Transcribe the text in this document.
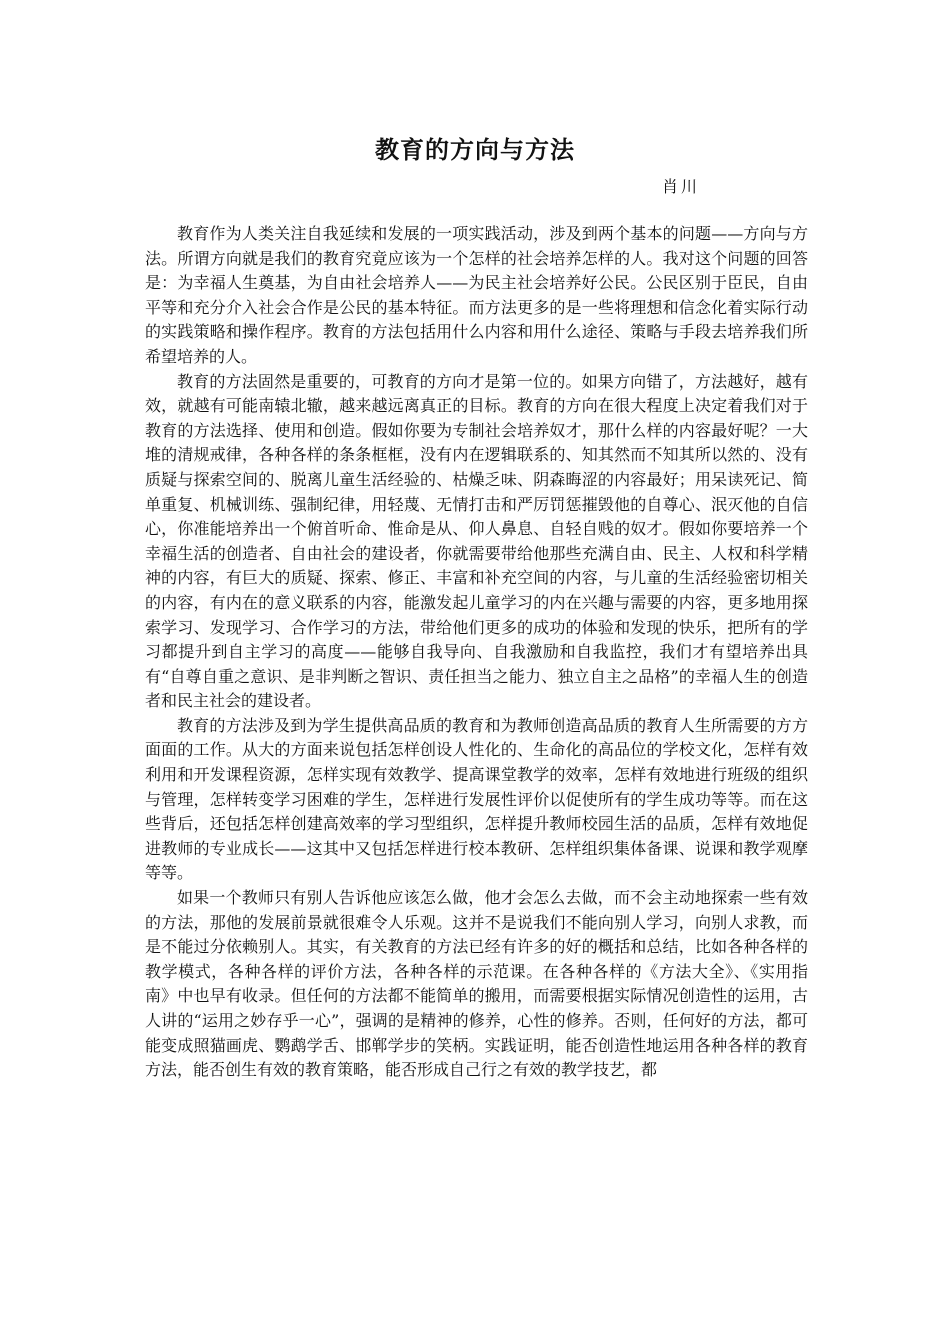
教育的方向与方法
肖川

教育作为人类关注自我延续和发展的一项实践活动，涉及到两个基本的问题——方向与方法。所谓方向就是我们的教育究竟应该为一个怎样的社会培养怎样的人。我对这个问题的回答是：为幸福人生奠基，为自由社会培养人——为民主社会培养好公民。公民区别于臣民，自由平等和充分介入社会合作是公民的基本特征。而方法更多的是一些将理想和信念化着实际行动的实践策略和操作程序。教育的方法包括用什么内容和用什么途径、策略与手段去培养我们所希望培养的人。

教育的方法固然是重要的，可教育的方向才是第一位的。如果方向错了，方法越好，越有效，就越有可能南辕北辙，越来越远离真正的目标。教育的方向在很大程度上决定着我们对于教育的方法选择、使用和创造。假如你要为专制社会培养奴才，那什么样的内容最好呢？一大堆的清规戒律，各种各样的条条框框，没有内在逻辑联系的、知其然而不知其所以然的、没有质疑与探索空间的、脱离儿童生活经验的、枯燥乏味、阴森晦涩的内容最好；用呆读死记、简单重复、机械训练、强制纪律，用轻蔑、无情打击和严厉罚惩摧毁他的自尊心、泯灭他的自信心，你准能培养出一个俯首听命、惟命是从、仰人鼻息、自轻自贱的奴才。假如你要培养一个幸福生活的创造者、自由社会的建设者，你就需要带给他那些充满自由、民主、人权和科学精神的内容，有巨大的质疑、探索、修正、丰富和补充空间的内容，与儿童的生活经验密切相关的内容，有内在的意义联系的内容，能激发起儿童学习的内在兴趣与需要的内容，更多地用探索学习、发现学习、合作学习的方法，带给他们更多的成功的体验和发现的快乐，把所有的学习都提升到自主学习的高度——能够自我导向、自我激励和自我监控，我们才有望培养出具有“自尊自重之意识、是非判断之智识、责任担当之能力、独立自主之品格”的幸福人生的创造者和民主社会的建设者。

教育的方法涉及到为学生提供高品质的教育和为教师创造高品质的教育人生所需要的方方面面的工作。从大的方面来说包括怎样创设人性化的、生命化的高品位的学校文化，怎样有效利用和开发课程资源，怎样实现有效教学、提高课堂教学的效率，怎样有效地进行班级的组织与管理，怎样转变学习困难的学生，怎样进行发展性评价以促使所有的学生成功等等。而在这些背后，还包括怎样创建高效率的学习型组织，怎样提升教师校园生活的品质，怎样有效地促进教师的专业成长——这其中又包括怎样进行校本教研、怎样组织集体备课、说课和教学观摩等等。

如果一个教师只有别人告诉他应该怎么做，他才会怎么去做，而不会主动地探索一些有效的方法，那他的发展前景就很难令人乐观。这并不是说我们不能向别人学习，向别人求教，而是不能过分依赖别人。其实，有关教育的方法已经有许多的好的概括和总结，比如各种各样的教学模式，各种各样的评价方法，各种各样的示范课。在各种各样的《方法大全》、《实用指南》中也早有收录。但任何的方法都不能简单的搬用，而需要根据实际情况创造性的运用，古人讲的“运用之妙存乎一心”，强调的是精神的修养，心性的修养。否则，任何好的方法，都可能变成照猫画虎、鹦鹉学舌、邯郸学步的笑柄。实践证明，能否创造性地运用各种各样的教育方法，能否创生有效的教育策略，能否形成自己行之有效的教学技艺，都
